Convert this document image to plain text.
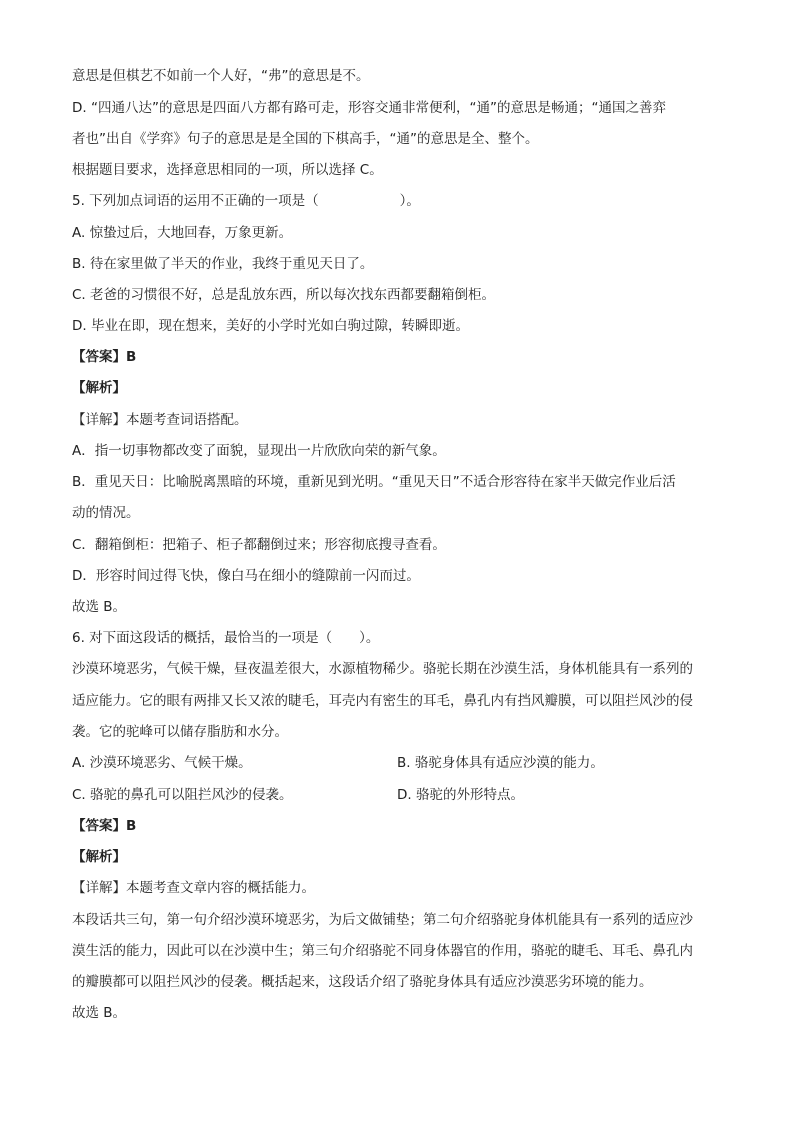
意思是但棋艺不如前一个人好，“弗”的意思是不。
D. “四通八达”的意思是四面八方都有路可走，形容交通非常便利，“通”的意思是畅通；“通国之善弈
者也”出自《学弈》句子的意思是是全国的下棋高手，“通”的意思是全、整个。
根据题目要求，选择意思相同的一项，所以选择 C。
5. 下列加点词语的运用不正确的一项是（　　　　　　）。
A. 惊蛰过后，大地回春，万象更新。
B. 待在家里做了半天的作业，我终于重见天日了。
C. 老爸的习惯很不好，总是乱放东西，所以每次找东西都要翻箱倒柜。
D. 毕业在即，现在想来，美好的小学时光如白驹过隙，转瞬即逝。
【答案】B
【解析】
【详解】本题考查词语搭配。
A．指一切事物都改变了面貌，显现出一片欣欣向荣的新气象。
B．重见天日：比喻脱离黑暗的环境，重新见到光明。“重见天日”不适合形容待在家半天做完作业后活
动的情况。
C．翻箱倒柜：把箱子、柜子都翻倒过来；形容彻底搜寻查看。
D．形容时间过得飞快，像白马在细小的缝隙前一闪而过。
故选 B。
6. 对下面这段话的概括，最恰当的一项是（　　）。
沙漠环境恶劣，气候干燥，昼夜温差很大，水源植物稀少。骆驼长期在沙漠生活，身体机能具有一系列的
适应能力。它的眼有两排又长又浓的睫毛，耳壳内有密生的耳毛，鼻孔内有挡风瓣膜，可以阻拦风沙的侵
袭。它的驼峰可以储存脂肪和水分。
A. 沙漠环境恶劣、气候干燥。	B. 骆驼身体具有适应沙漠的能力。
C. 骆驼的鼻孔可以阻拦风沙的侵袭。	D. 骆驼的外形特点。
【答案】B
【解析】
【详解】本题考查文章内容的概括能力。
本段话共三句，第一句介绍沙漠环境恶劣，为后文做铺垫；第二句介绍骆驼身体机能具有一系列的适应沙
漠生活的能力，因此可以在沙漠中生；第三句介绍骆驼不同身体器官的作用，骆驼的睫毛、耳毛、鼻孔内
的瓣膜都可以阻拦风沙的侵袭。概括起来，这段话介绍了骆驼身体具有适应沙漠恶劣环境的能力。
故选 B。
